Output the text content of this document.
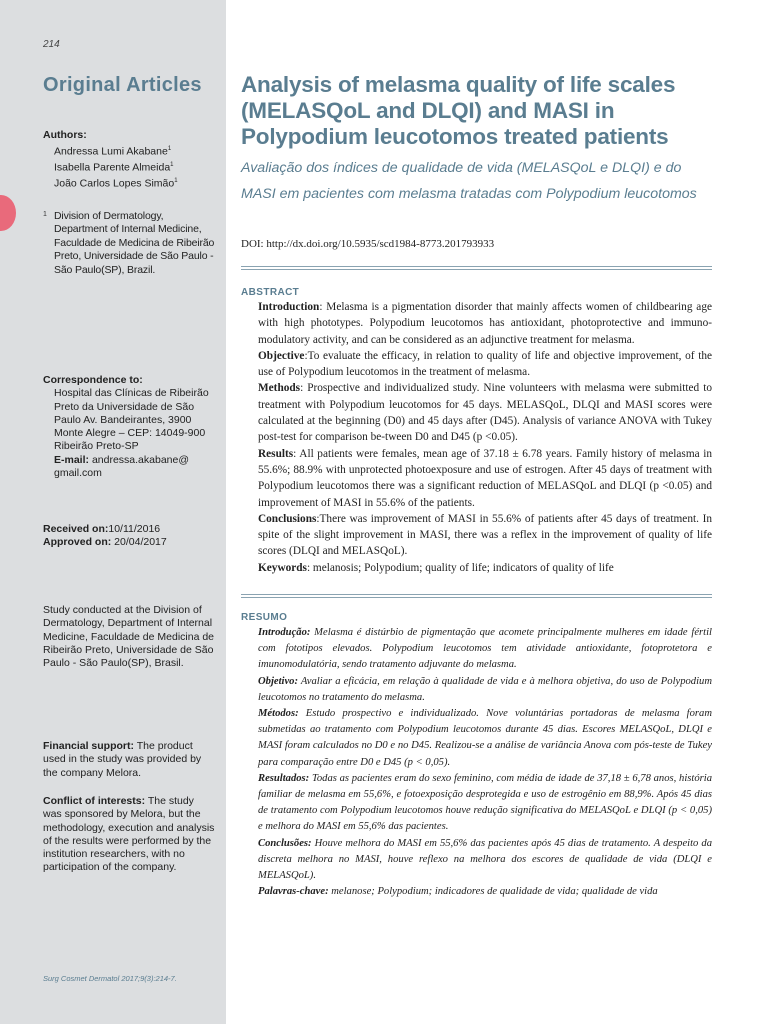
214
Original Articles
Authors:
Andressa Lumi Akabane$^1$
Isabella Parente Almeida$^1$
João Carlos Lopes Simão$^1$
1 Division of Dermatology, Department of Internal Medicine, Faculdade de Medicina de Ribeirão Preto, Universidade de São Paulo - São Paulo(SP), Brazil.
Correspondence to:
Hospital das Clínicas de Ribeirão
Preto da Universidade de São
Paulo Av. Bandeirantes, 3900
Monte Alegre – CEP: 14049-900
Ribeirão Preto-SP
E-mail: andressa.akabane@
gmail.com
Received on:10/11/2016
Approved on: 20/04/2017
Study conducted at the Division of Dermatology, Department of Internal Medicine, Faculdade de Medicina de Ribeirão Preto, Universidade de São Paulo - São Paulo(SP), Brasil.
Financial support: The product used in the study was provided by the company Melora.
Conflict of interests: The study was sponsored by Melora, but the methodology, execution and analysis of the results were performed by the institution researchers, with no participation of the company.
Surg Cosmet Dermatol 2017;9(3):214-7.
Analysis of melasma quality of life scales (MELASQoL and DLQI) and MASI in Polypodium leucotomos treated patients
Avaliação dos índices de qualidade de vida (MELASQoL e DLQI) e do MASI em pacientes com melasma tratadas com Polypodium leucotomos
DOI: http://dx.doi.org/10.5935/scd1984-8773.201793933
ABSTRACT

Introduction: Melasma is a pigmentation disorder that mainly affects women of childbearing age with high phototypes. Polypodium leucotomos has antioxidant, photoprotective and immuno-modulatory activity, and can be considered as an adjunctive treatment for melasma.

Objective:To evaluate the efficacy, in relation to quality of life and objective improvement, of the use of Polypodium leucotomos in the treatment of melasma.

Methods: Prospective and individualized study. Nine volunteers with melasma were submitted to treatment with Polypodium leucotomos for 45 days. MELASQoL, DLQI and MASI scores were calculated at the beginning (D0) and 45 days after (D45). Analysis of variance ANOVA with Tukey post-test for comparison be-tween D0 and D45 (p <0.05).

Results: All patients were females, mean age of 37.18 ± 6.78 years. Family history of melasma in 55.6%; 88.9% with unprotected photoexposure and use of estrogen. After 45 days of treatment with Polypodium leucotomos there was a significant reduction of MELASQoL and DLQI (p <0.05) and improvement of MASI in 55.6% of the patients.

Conclusions:There was improvement of MASI in 55.6% of patients after 45 days of treatment. In spite of the slight improvement in MASI, there was a reflex in the improvement of quality of life scores (DLQI and MELASQoL).

Keywords: melanosis; Polypodium; quality of life; indicators of quality of life

RESUMO

Introdução: Melasma é distúrbio de pigmentação que acomete principalmente mulheres em idade fértil com fototipos elevados. Polypodium leucotomos tem atividade antioxidante, fotoprotetora e imunomodulatória, sendo tratamento adjuvante do melasma.

Objetivo: Avaliar a eficácia, em relação à qualidade de vida e à melhora objetiva, do uso de Polypodium leucotomos no tratamento do melasma.

Métodos: Estudo prospectivo e individualizado. Nove voluntárias portadoras de melasma foram submetidas ao tratamento com Polypodium leucotomos durante 45 dias. Escores MELASQoL, DLQI e MASI foram calculados no D0 e no D45. Realizou-se a análise de variância Anova com pós-teste de Tukey para comparação entre D0 e D45 (p < 0,05).

Resultados: Todas as pacientes eram do sexo feminino, com média de idade de 37,18 ± 6,78 anos, história familiar de melasma em 55,6%, e fotoexposição desprotegida e uso de estrogênio em 88,9%. Após 45 dias de tratamento com Polypodium leucotomos houve redução significativa do MELASQoL e DLQI (p < 0,05) e melhora do MASI em 55,6% das pacientes.

Conclusões: Houve melhora do MASI em 55,6% das pacientes após 45 dias de tratamento. A despeito da discreta melhora no MASI, houve reflexo na melhora dos escores de qualidade de vida (DLQI e MELASQoL).

Palavras-chave: melanose; Polypodium; indicadores de qualidade de vida; qualidade de vida
